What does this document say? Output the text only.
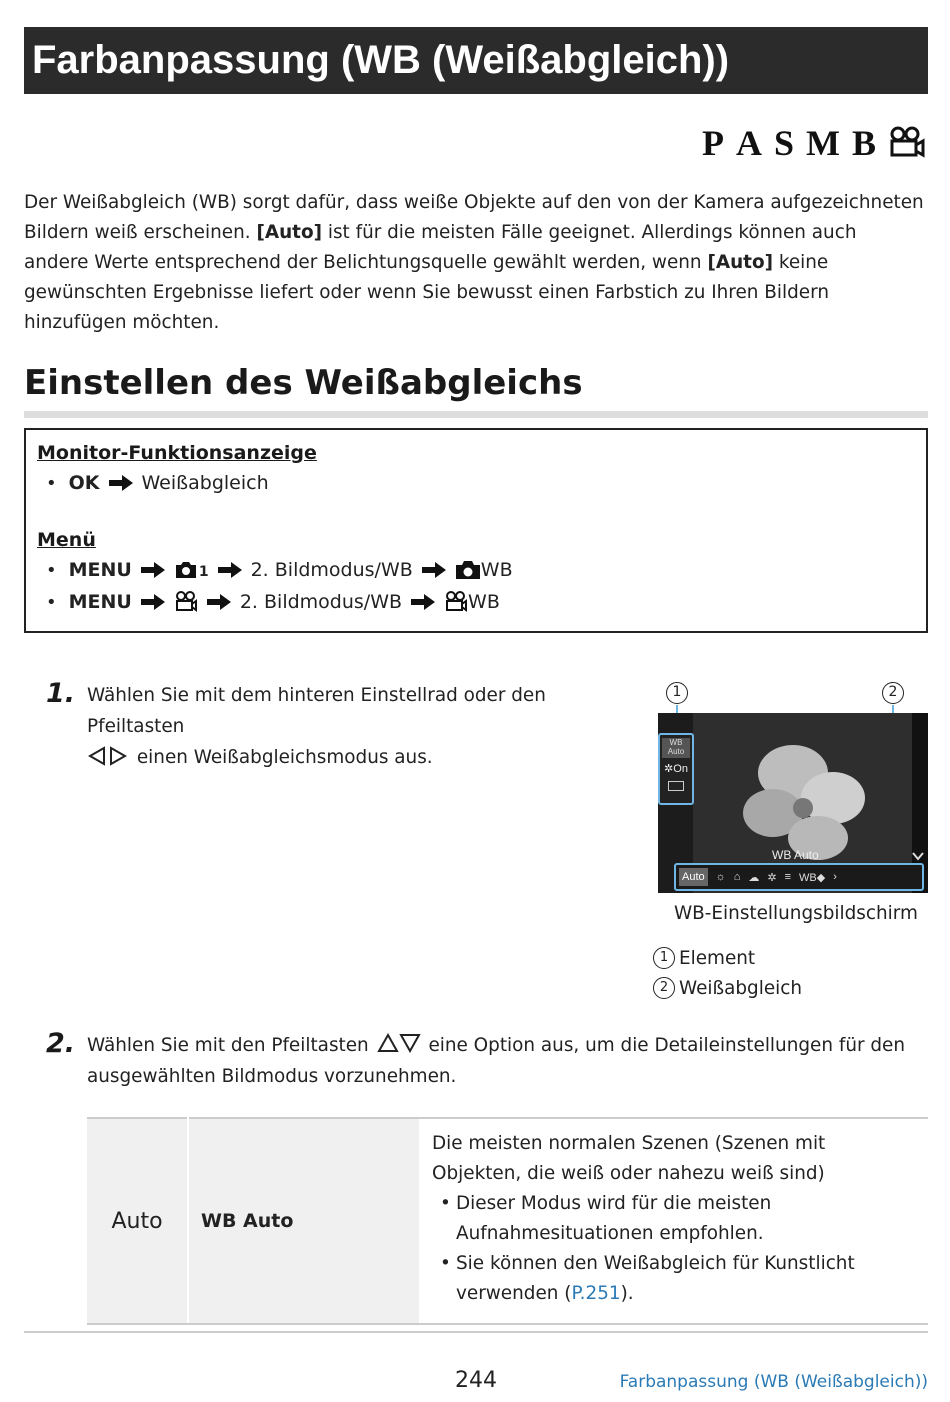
Farbanpassung (WB (Weißabgleich))
P A S M B

Der Weißabgleich (WB) sorgt dafür, dass weiße Objekte auf den von der Kamera aufgezeichneten Bildern weiß erscheinen. [Auto] ist für die meisten Fälle geeignet. Allerdings können auch andere Werte entsprechend der Belichtungsquelle gewählt werden, wenn [Auto] keine gewünschten Ergebnisse liefert oder wenn Sie bewusst einen Farbstich zu Ihren Bildern hinzufügen möchten.

Einstellen des Weißabgleichs
Monitor-Funktionsanzeige
• OK Weißabgleich
Menü
• MENU	1 2. Bildmodus/WB	WB
• MENU	2. Bildmodus/WB	WB
1. Wählen Sie mit dem hinteren Einstellrad oder den Pfeiltasten
einen Weißabgleichsmodus aus.
1	2
WB
Auto
✲On
WB Auto
Auto ☼ ⌂ ☁ ✲ ≡ WB◆ ›
WB-Einstellungsbildschirm
1 Element
2 Weißabgleich
2. Wählen Sie mit den Pfeiltasten	eine Option aus, um die Detaileinstellungen für den
ausgewählten Bildmodus vorzunehmen.
Auto	WB Auto	
Die meisten normalen Szenen (Szenen mit Objekten, die weiß oder nahezu weiß sind)
• Dieser Modus wird für die meisten Aufnahmesituationen empfohlen.
• Sie können den Weißabgleich für Kunstlicht verwenden (P.251).
244	Farbanpassung (WB (Weißabgleich))
